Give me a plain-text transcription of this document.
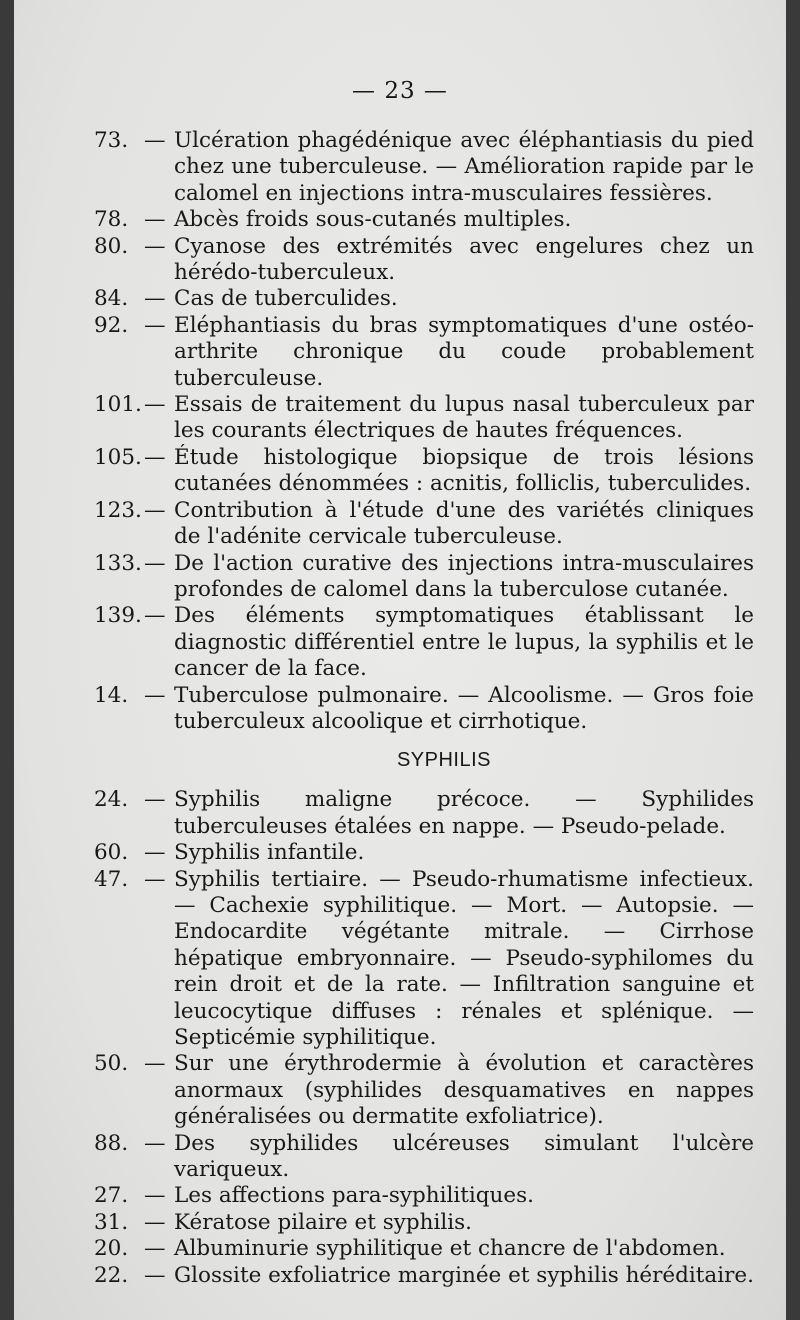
— 23 —
73. — Ulcération phagédénique avec éléphantiasis du pied chez une tuberculeuse. — Amélioration rapide par le calomel en injections intra-musculaires fessières.
78. — Abcès froids sous-cutanés multiples.
80. — Cyanose des extrémités avec engelures chez un hérédo-tuberculeux.
84. — Cas de tuberculides.
92. — Eléphantiasis du bras symptomatiques d'une ostéo-arthrite chronique du coude probablement tuberculeuse.
101. — Essais de traitement du lupus nasal tuberculeux par les courants électriques de hautes fréquences.
105. — Étude histologique biopsique de trois lésions cutanées dénommées : acnitis, folliclis, tuberculides.
123. — Contribution à l'étude d'une des variétés cliniques de l'adénite cervicale tuberculeuse.
133. — De l'action curative des injections intra-musculaires profondes de calomel dans la tuberculose cutanée.
139. — Des éléments symptomatiques établissant le diagnostic différentiel entre le lupus, la syphilis et le cancer de la face.
14. — Tuberculose pulmonaire. — Alcoolisme. — Gros foie tuberculeux alcoolique et cirrhotique.
SYPHILIS
24. — Syphilis maligne précoce. — Syphilides tuberculeuses étalées en nappe. — Pseudo-pelade.
60. — Syphilis infantile.
47. — Syphilis tertiaire. — Pseudo-rhumatisme infectieux. — Cachexie syphilitique. — Mort. — Autopsie. — Endocardite végétante mitrale. — Cirrhose hépatique embryonnaire. — Pseudo-syphilomes du rein droit et de la rate. — Infiltration sanguine et leucocytique diffuses : rénales et splénique. — Septicémie syphilitique.
50. — Sur une érythrodermie à évolution et caractères anormaux (syphilides desquamatives en nappes généralisées ou dermatite exfoliatrice).
88. — Des syphilides ulcéreuses simulant l'ulcère variqueux.
27. — Les affections para-syphilitiques.
31. — Kératose pilaire et syphilis.
20. — Albuminurie syphilitique et chancre de l'abdomen.
22. — Glossite exfoliatrice marginée et syphilis héréditaire.
